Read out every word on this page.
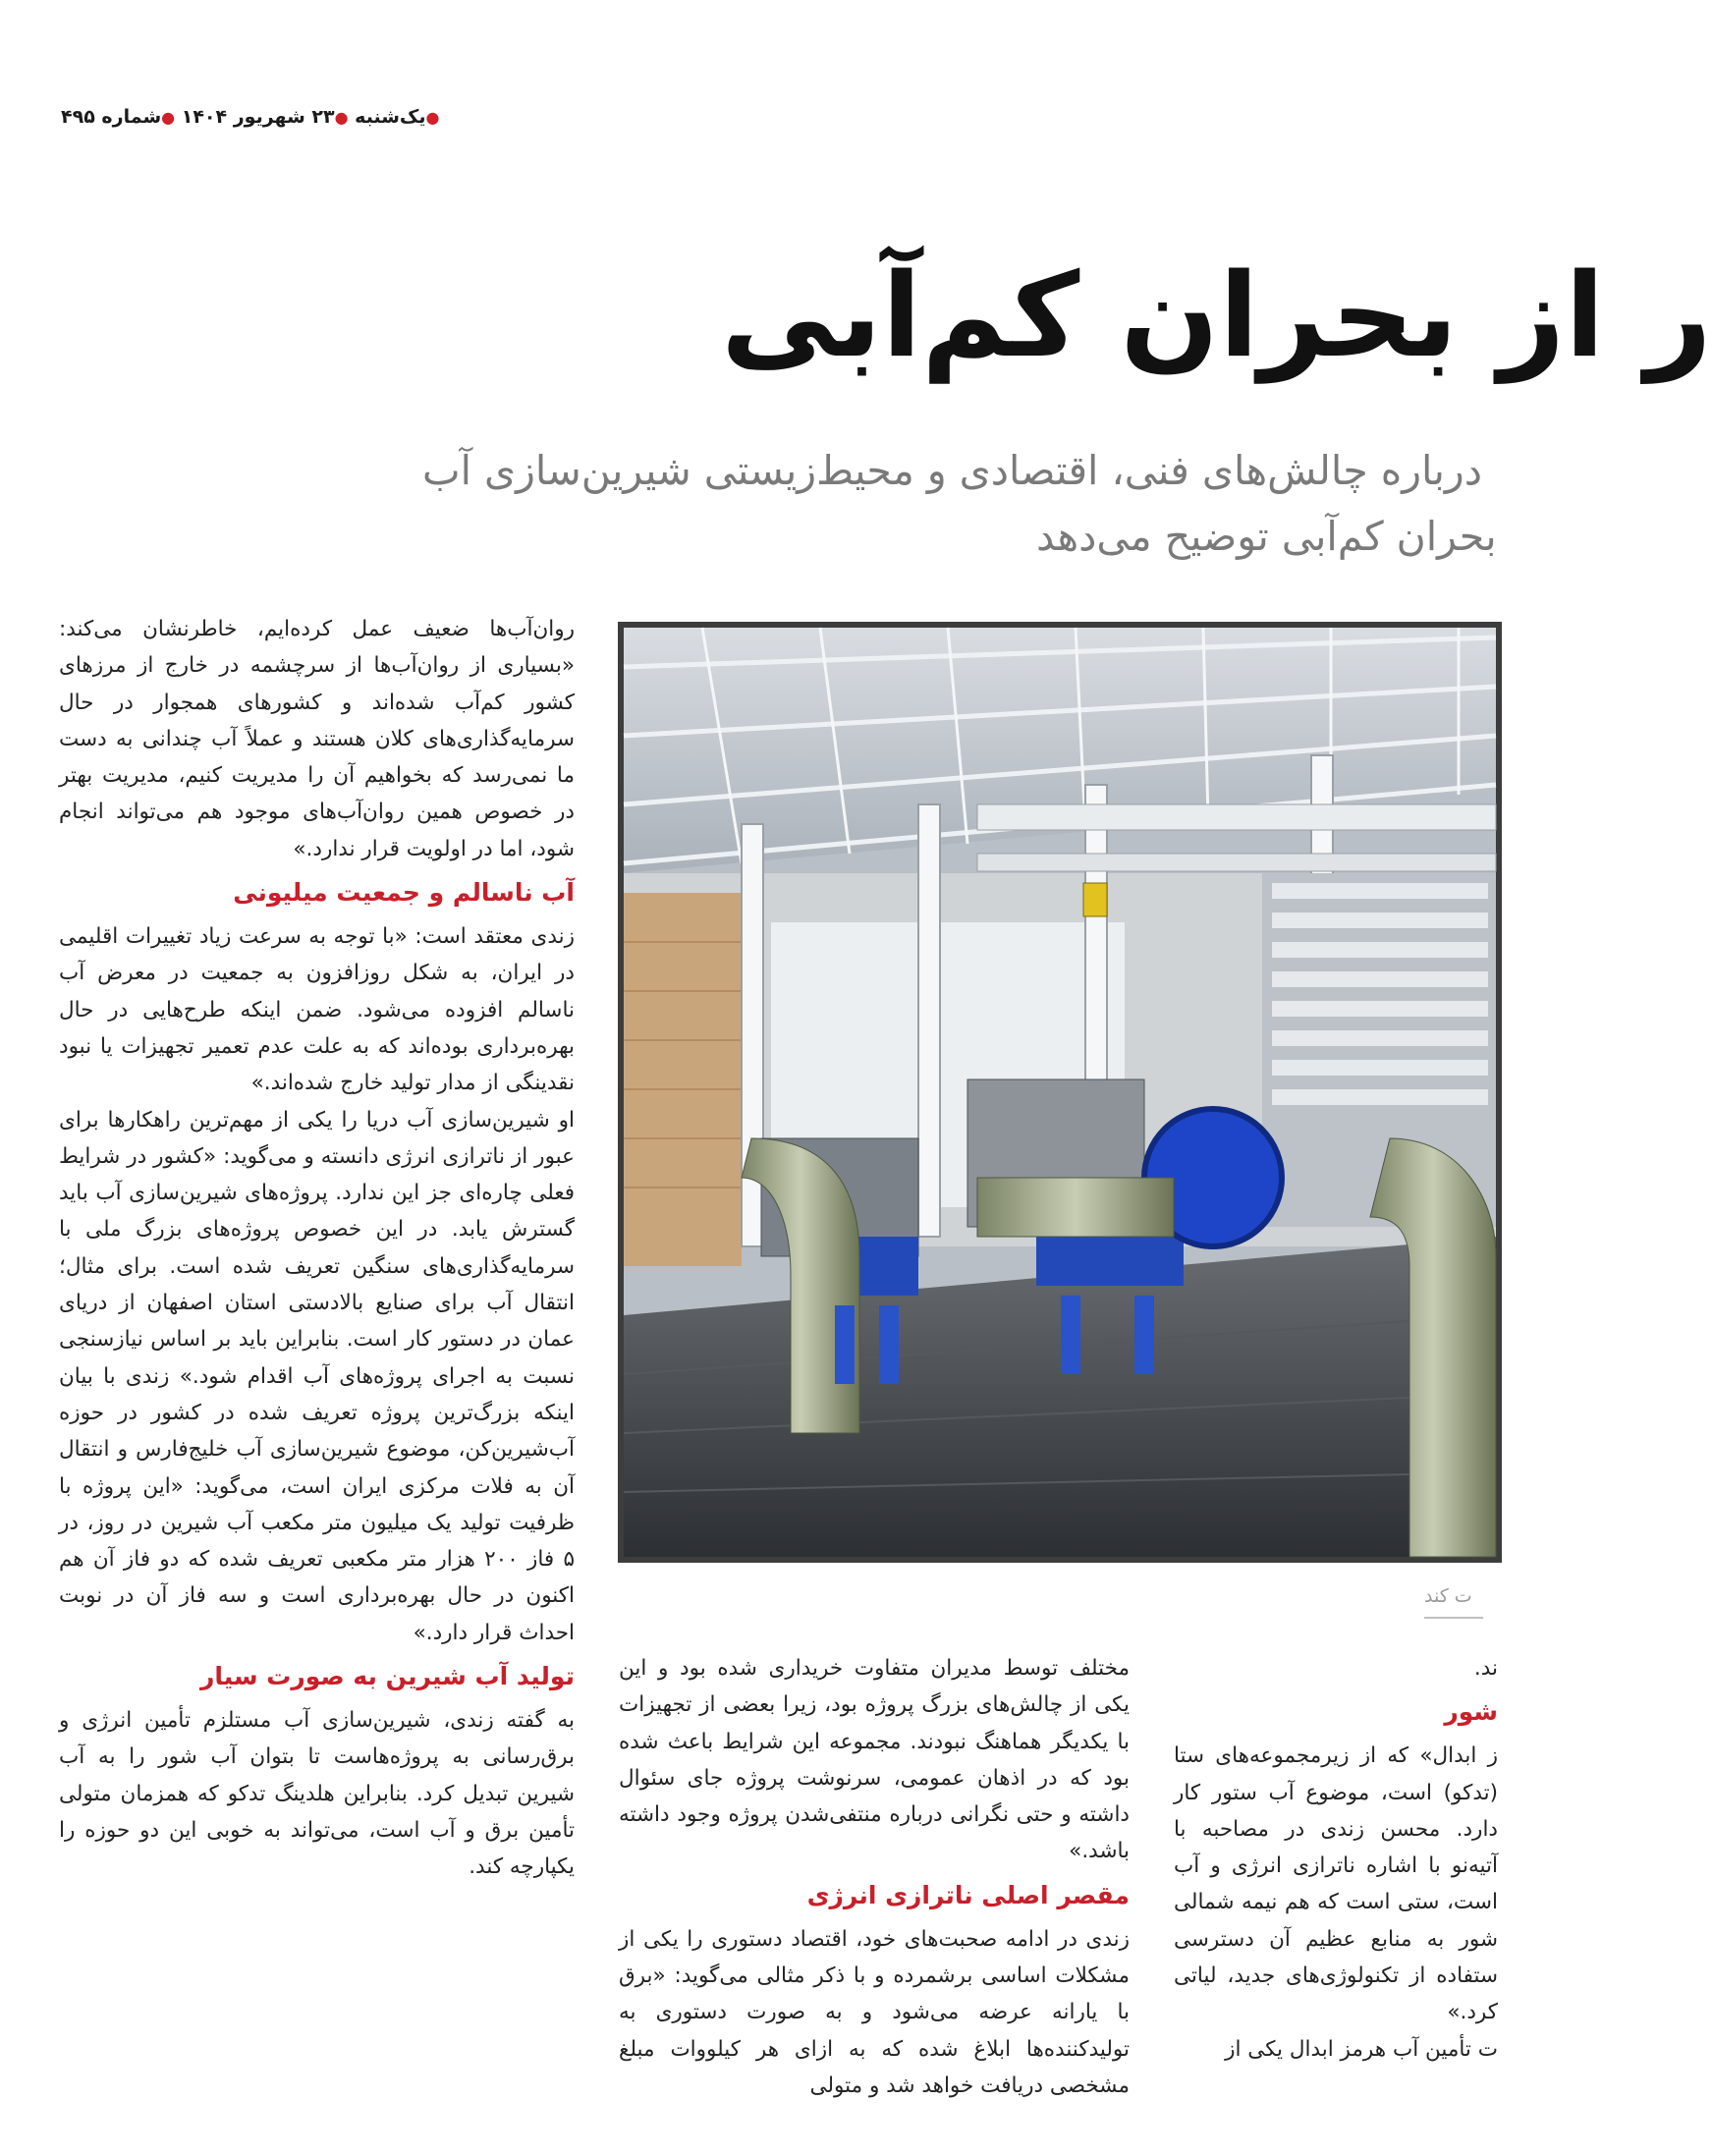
●یک‌شنبه ●۲۳ شهریور ۱۴۰۴ ●شماره ۴۹۵
ر از بحران کم‌آبی
درباره چالش‌های فنی، اقتصادی و محیط‌زیستی شیرین‌سازی آب
بحران کم‌آبی توضیح می‌دهد

روان‌آب‌ها ضعیف عمل کرده‌ایم، خاطرنشان می‌کند: «بسیاری از روان‌آب‌ها از سرچشمه در خارج از مرزهای کشور کم‌آب شده‌اند و کشورهای همجوار در حال سرمایه‌گذاری‌های کلان هستند و عملاً آب چندانی به دست ما نمی‌رسد که بخواهیم آن را مدیریت کنیم، مدیریت بهتر در خصوص همین روان‌آب‌های موجود هم می‌تواند انجام شود، اما در اولویت قرار ندارد.»

آب ناسالم و جمعیت میلیونی

زندی معتقد است: «با توجه به سرعت زیاد تغییرات اقلیمی در ایران، به شکل روزافزون به جمعیت در معرض آب ناسالم افزوده می‌شود. ضمن اینکه طرح‌هایی در حال بهره‌برداری بوده‌اند که به علت عدم تعمیر تجهیزات یا نبود نقدینگی از مدار تولید خارج شده‌اند.»

او شیرین‌سازی آب دریا را یکی از مهم‌ترین راهکارها برای عبور از ناترازی انرژی دانسته و می‌گوید: «کشور در شرایط فعلی چاره‌ای جز این ندارد. پروژه‌های شیرین‌سازی آب باید گسترش یابد. در این خصوص پروژه‌های بزرگ ملی با سرمایه‌گذاری‌های سنگین تعریف شده است. برای مثال؛ انتقال آب برای صنایع بالادستی استان اصفهان از دریای عمان در دستور کار است. بنابراین باید بر اساس نیازسنجی نسبت به اجرای پروژه‌های آب اقدام شود.» زندی با بیان اینکه بزرگ‌ترین پروژه تعریف شده در کشور در حوزه آب‌شیرین‌کن، موضوع شیرین‌سازی آب خلیج‌فارس و انتقال آن به فلات مرکزی ایران است، می‌گوید: «این پروژه با ظرفیت تولید یک میلیون متر مکعب آب شیرین در روز، در ۵ فاز ۲۰۰ هزار متر مکعبی تعریف شده که دو فاز آن هم اکنون در حال بهره‌برداری است و سه فاز آن در نوبت احداث قرار دارد.»

تولید آب شیرین به صورت سیار

به گفته زندی، شیرین‌سازی آب مستلزم تأمین انرژی و برق‌رسانی به پروژه‌هاست تا بتوان آب شور را به آب شیرین تبدیل کرد. بنابراین هلدینگ تدکو که همزمان متولی تأمین برق و آب است، می‌تواند به خوبی این دو حوزه را یکپارچه کند.

ت کند

مختلف توسط مدیران متفاوت خریداری شده بود و این یکی از چالش‌های بزرگ پروژه بود، زیرا بعضی از تجهیزات با یکدیگر هماهنگ نبودند. مجموعه این شرایط باعث شده بود که در اذهان عمومی، سرنوشت پروژه جای سئوال داشته و حتی نگرانی درباره منتفی‌شدن پروژه وجود داشته باشد.»

مقصر اصلی ناترازی انرژی

زندی در ادامه صحبت‌های خود، اقتصاد دستوری را یکی از مشکلات اساسی برشمرده و با ذکر مثالی می‌گوید: «برق با یارانه عرضه می‌شود و به صورت دستوری به تولیدکننده‌ها ابلاغ شده که به ازای هر کیلووات مبلغ مشخصی دریافت خواهد شد و متولی

ند.

شور

ز ابدال» که از زیرمجموعه‌های ستا (تدکو) است، موضوع آب ستور کار دارد. محسن زندی در مصاحبه با آتیه‌نو با اشاره ناترازی انرژی و آب است، ستی است که هم نیمه شمالی شور به منابع عظیم آن دسترسی ستفاده از تکنولوژی‌های جدید، لیاتی کرد.»

ت تأمین آب هرمز ابدال یکی از
